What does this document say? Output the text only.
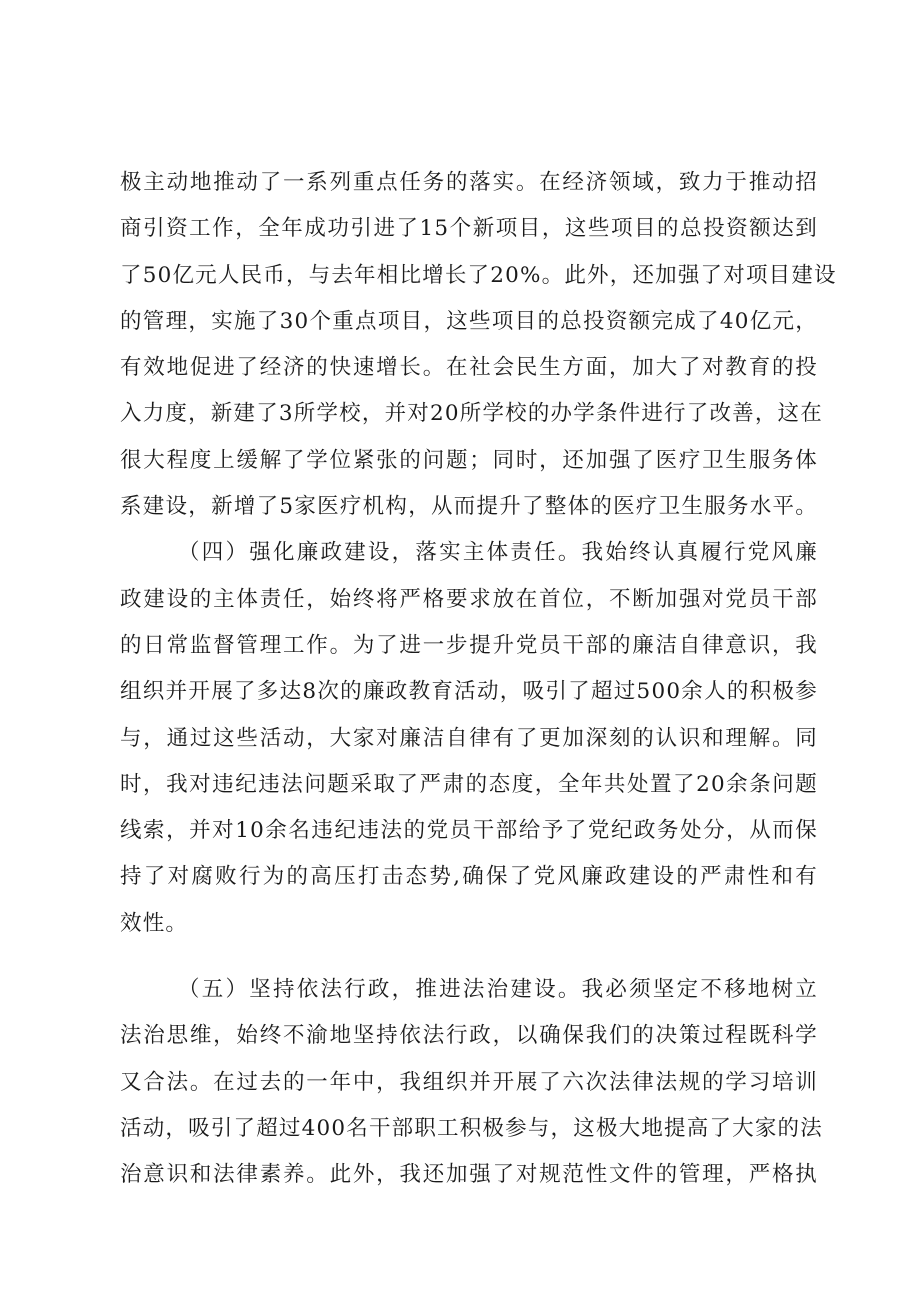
极主动地推动了一系列重点任务的落实。在经济领域，致力于推动招
商引资工作，全年成功引进了15个新项目，这些项目的总投资额达到
了50亿元人民币，与去年相比增长了20%。此外，还加强了对项目建设
的管理，实施了30个重点项目，这些项目的总投资额完成了40亿元，
有效地促进了经济的快速增长。在社会民生方面，加大了对教育的投
入力度，新建了3所学校，并对20所学校的办学条件进行了改善，这在
很大程度上缓解了学位紧张的问题；同时，还加强了医疗卫生服务体
系建设，新增了5家医疗机构，从而提升了整体的医疗卫生服务水平。
（四）强化廉政建设，落实主体责任。我始终认真履行党风廉
政建设的主体责任，始终将严格要求放在首位，不断加强对党员干部
的日常监督管理工作。为了进一步提升党员干部的廉洁自律意识，我
组织并开展了多达8次的廉政教育活动，吸引了超过500余人的积极参
与，通过这些活动，大家对廉洁自律有了更加深刻的认识和理解。同
时，我对违纪违法问题采取了严肃的态度，全年共处置了20余条问题
线索，并对10余名违纪违法的党员干部给予了党纪政务处分，从而保
持了对腐败行为的高压打击态势,确保了党风廉政建设的严肃性和有
效性。
（五）坚持依法行政，推进法治建设。我必须坚定不移地树立
法治思维，始终不渝地坚持依法行政，以确保我们的决策过程既科学
又合法。在过去的一年中，我组织并开展了六次法律法规的学习培训
活动，吸引了超过400名干部职工积极参与，这极大地提高了大家的法
治意识和法律素养。此外，我还加强了对规范性文件的管理，严格执
